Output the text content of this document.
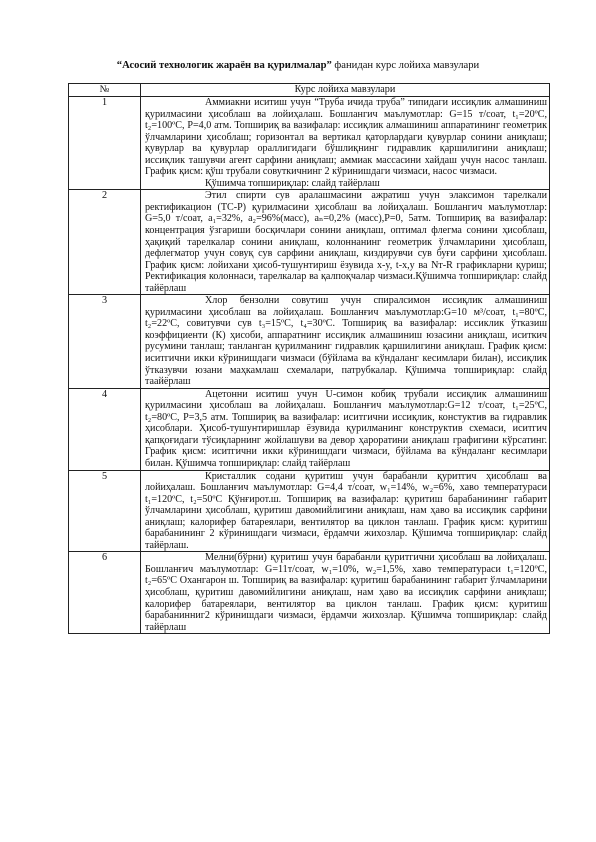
“Асосий технологик жараён ва қурилмалар” фанидан курс лойиха мавзулари
№	Курс лойиха мавзулари
1	Аммиакни иситиш учун “Труба ичида труба” типидаги иссиқлик алмашиниш қурилмасини ҳисоблаш ва лойиҳалаш. Бошлангич маълумотлар: G=15 т/соат, t₁=20ºC, t₂=100ºC, P=4,0 атм. Топшириқ ва вазифалар: иссиқлик алмашиниш аппаратининг геометрик ўлчамларини ҳисоблаш; горизонтал ва вертикал қаторлардаги қувурлар сонини аниқлаш; қувурлар ва қувурлар ораллигидаги бўшлиқнинг гидравлик қаршилигини аниқлаш; иссиқлик ташувчи агент сарфини аниқлаш; аммиак массасини хайдаш учун насос танлаш. График қисм: қўш трубали совуткичнинг 2 кўринишдаги чизмаси, насос чизмаси.
Қўшимча топшириқлар: слайд тайёрлаш

2	Этил спирти сув аралашмасини ажратиш учун элаксимон тарелкали ректификацион (ТС-Р) қурилмасини ҳисоблаш ва лойиҳалаш. Бошлангич маълумотлар: G=5,0 т/соат, a₁=32%, a₂=96%(масс), aₙ=0,2% (масс),P=0, 5атм. Топшириқ ва вазифалар: концентрация ўзгариши босқичлари сонини аниқлаш, оптимал флегма сонини ҳисоблаш, ҳақиқий тарелкалар сонини аниқлаш, колоннанинг геометрик ўлчамларини ҳисоблаш, дефлегматор учун совуқ сув сарфини аниқлаш, киздирувчи сув буғи сарфини ҳисоблаш. График қисм: лойихани ҳисоб-тушунтириш ёзувида x-y, t-x,y ва Nᴛ-R графикларни қуриш; Ректификация колоннаси, тарелкалар ва қалпоқчалар чизмаси.Қўшимча топшириқлар: слайд тайёрлаш

3	Хлор бензолни совутиш учун спиралсимон иссиқлик алмашиниш қурилмасини ҳисоблаш ва лойиҳалаш. Бошланғич маълумотлар:G=10 м³/соат, t₁=80ºC, t₂=22ºC, совитувчи сув t₃=15ºC, t₄=30ºC. Топшириқ ва вазифалар: иссиклик ўтказиш коэффициенти (К) ҳисоби, аппаратнинг иссиқлик алмашиниш юзасини аниқлаш, иситкич русумини танлаш; танланган қурилманинг гидравлик қаршилигини аниқлаш. График қисм: иситгични икки кўринишдаги чизмаси (бўйлама ва кўндаланг кесимлари билан), иссиқлик ўтказувчи юзани маҳкамлаш схемалари, патрубкалар. Қўшимча топшириқлар: слайд таайёрлаш

4	Ацетонни иситиш учун U-симон кобиқ трубали иссиқлик алмашиниш қурилмасини ҳисоблаш ва лойиҳалаш. Бошланғич маълумотлар:G=12 т/соат, t₁=25ºC, t₂=80ºC, P=3,5 атм. Топшириқ ва вазифалар: иситгични иссиқлик, констуктив ва гидравлик ҳисоблари. Ҳисоб-тушунтиришлар ёзувида қурилманинг конструктив схемаси, иситгич қапқоғидаги тўсиқларнинг жойлашуви ва девор ҳароратини аниқлаш графигини кўрсатинг. График қисм: иситгични икки кўринишдаги чизмаси, бўйлама ва кўндаланг кесимлари билан. Қўшимча топшириқлар: слайд тайёрлаш

5	Кристаллик содани қуритиш учун барабанли қуритгич ҳисоблаш ва лойиҳалаш. Бошланғич маълумотлар: G=4,4 т/соат, w₁=14%, w₂=6%, хаво температураси t₁=120ºC, t₂=50ºC Қўнғирот.ш. Топшириқ ва вазифалар: қуритиш барабанининг габарит ўлчамларини ҳисоблаш, қуритиш давомийлигини аниқлаш, нам ҳаво ва иссиқлик сарфини аниқлаш; калорифер батареялари, вентилятор ва циклон танлаш. График қисм: қуритиш барабанининг 2 кўринишдаги чизмаси, ёрдамчи жихозлар. Қўшимча топшириқлар: слайд тайёрлаш.

6	Мелни(бўрни) қуритиш учун барабанли қуритгични ҳисоблаш ва лойиҳалаш. Бошланғич маълумотлар: G=11т/соат, w₁=10%, w₂=1,5%, хаво температураси t₁=120ºC, t₂=65ºC Охангарон ш. Топшириқ ва вазифалар: қуритиш барабанининг габарит ўлчамларини ҳисоблаш, қуритиш давомийлигини аниқлаш, нам ҳаво ва иссиқлик сарфини аниқлаш; калорифер батареялари, вентилятор ва циклон танлаш. График қисм: қуритиш барабанинниг2 кўринишдаги чизмаси, ёрдамчи жихозлар. Қўшимча топшириқлар: слайд тайёрлаш
